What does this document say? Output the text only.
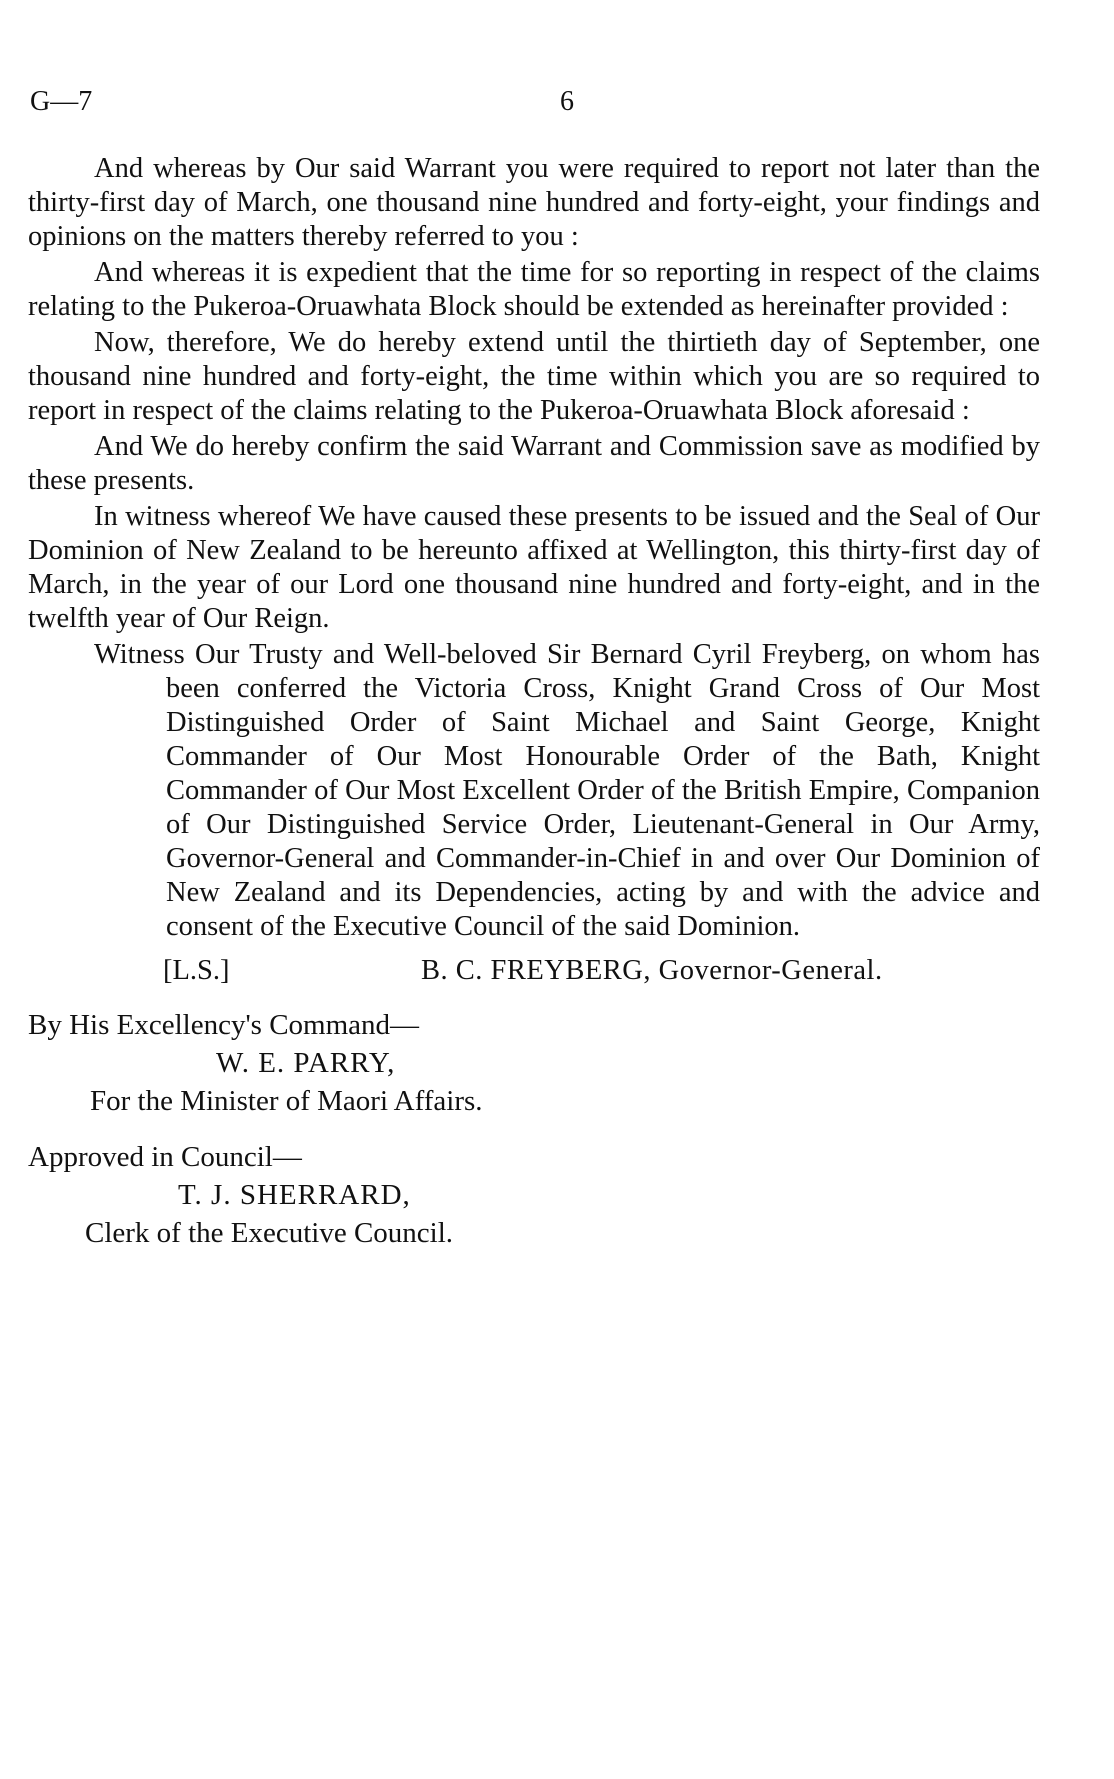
G—7	6

And whereas by Our said Warrant you were required to report not later than the thirty-first day of March, one thousand nine hundred and forty-eight, your findings and opinions on the matters thereby referred to you :

And whereas it is expedient that the time for so reporting in respect of the claims relating to the Pukeroa-Oruawhata Block should be extended as hereinafter provided :

Now, therefore, We do hereby extend until the thirtieth day of September, one thousand nine hundred and forty-eight, the time within which you are so required to report in respect of the claims relating to the Pukeroa-Oruawhata Block aforesaid :

And We do hereby confirm the said Warrant and Commission save as modified by these presents.

In witness whereof We have caused these presents to be issued and the Seal of Our Dominion of New Zealand to be hereunto affixed at Wellington, this thirty-first day of March, in the year of our Lord one thousand nine hundred and forty-eight, and in the twelfth year of Our Reign.

Witness Our Trusty and Well-beloved Sir Bernard Cyril Freyberg, on whom has been conferred the Victoria Cross, Knight Grand Cross of Our Most Distinguished Order of Saint Michael and Saint George, Knight Commander of Our Most Honourable Order of the Bath, Knight Commander of Our Most Excellent Order of the British Empire, Companion of Our Distinguished Service Order, Lieutenant-General in Our Army, Governor-General and Commander-in-Chief in and over Our Dominion of New Zealand and its Dependencies, acting by and with the advice and consent of the Executive Council of the said Dominion.

[L.S.]	B. C. FREYBERG, Governor-General.
By His Excellency's Command—
W. E. PARRY,
For the Minister of Maori Affairs.
Approved in Council—
T. J. SHERRARD,
Clerk of the Executive Council.
